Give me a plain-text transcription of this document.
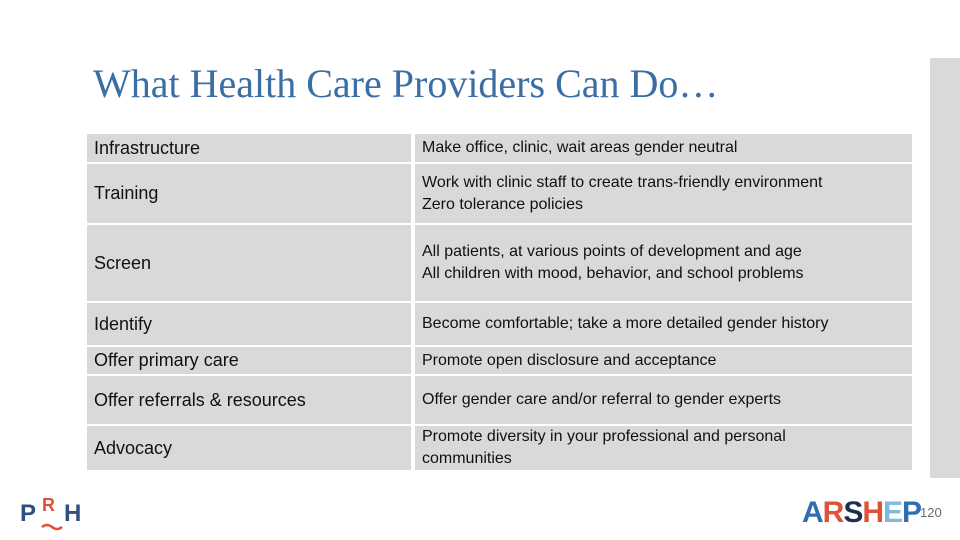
What Health Care Providers Can Do…
Infrastructure	Make office, clinic, wait areas gender neutral

Training	Work with clinic staff to create trans-friendly environment
Zero tolerance policies

Screen	All patients, at various points of development and age
All children with mood, behavior, and school problems

Identify	Become comfortable; take a more detailed gender history

Offer primary care	Promote open disclosure and acceptance

Offer referrals & resources	Offer gender care and/or referral to gender experts

Advocacy	Promote diversity in your professional and personal
communities
P R H	ARSHEP
120
